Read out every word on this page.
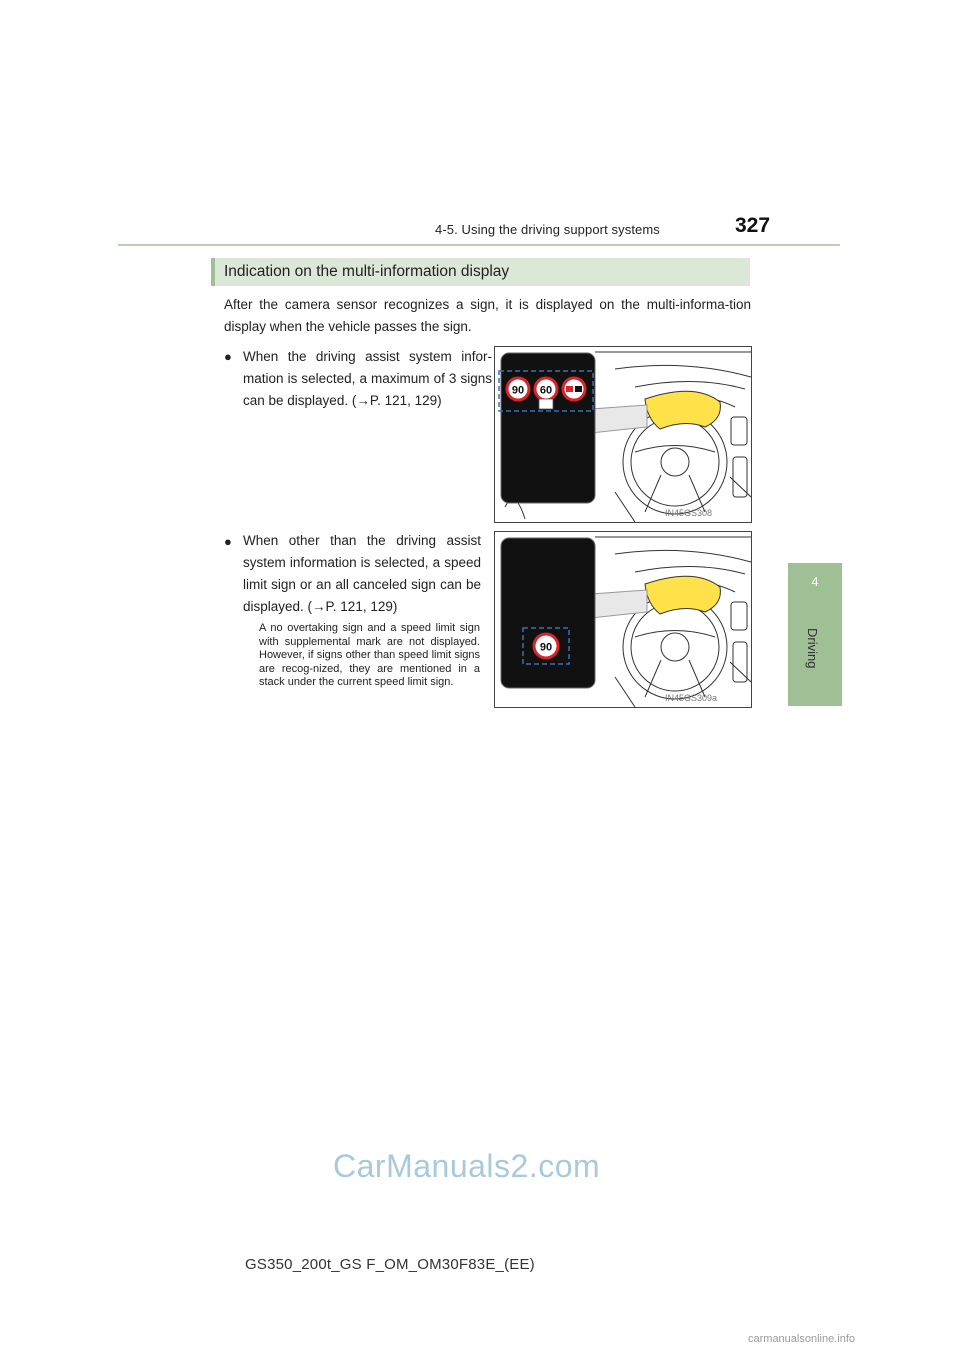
4-5. Using the driving support systems	327
4
Driving
Indication on the multi-information display
After the camera sensor recognizes a sign, it is displayed on the multi-informa-tion display when the vehicle passes the sign.
● When the driving assist system infor-mation is selected, a maximum of 3 signs can be displayed. (→P. 121, 129)
90 60
IN45GS308
● When other than the driving assist system information is selected, a speed limit sign or an all canceled sign can be displayed. (→P. 121, 129)
A no overtaking sign and a speed limit sign with supplemental mark are not displayed. However, if signs other than speed limit signs are recog-nized, they are mentioned in a stack under the current speed limit sign.
90
IN45GS309a
GS350_200t_GS F_OM_OM30F83E_(EE)
CarManuals2.com
carmanualsonline.info
